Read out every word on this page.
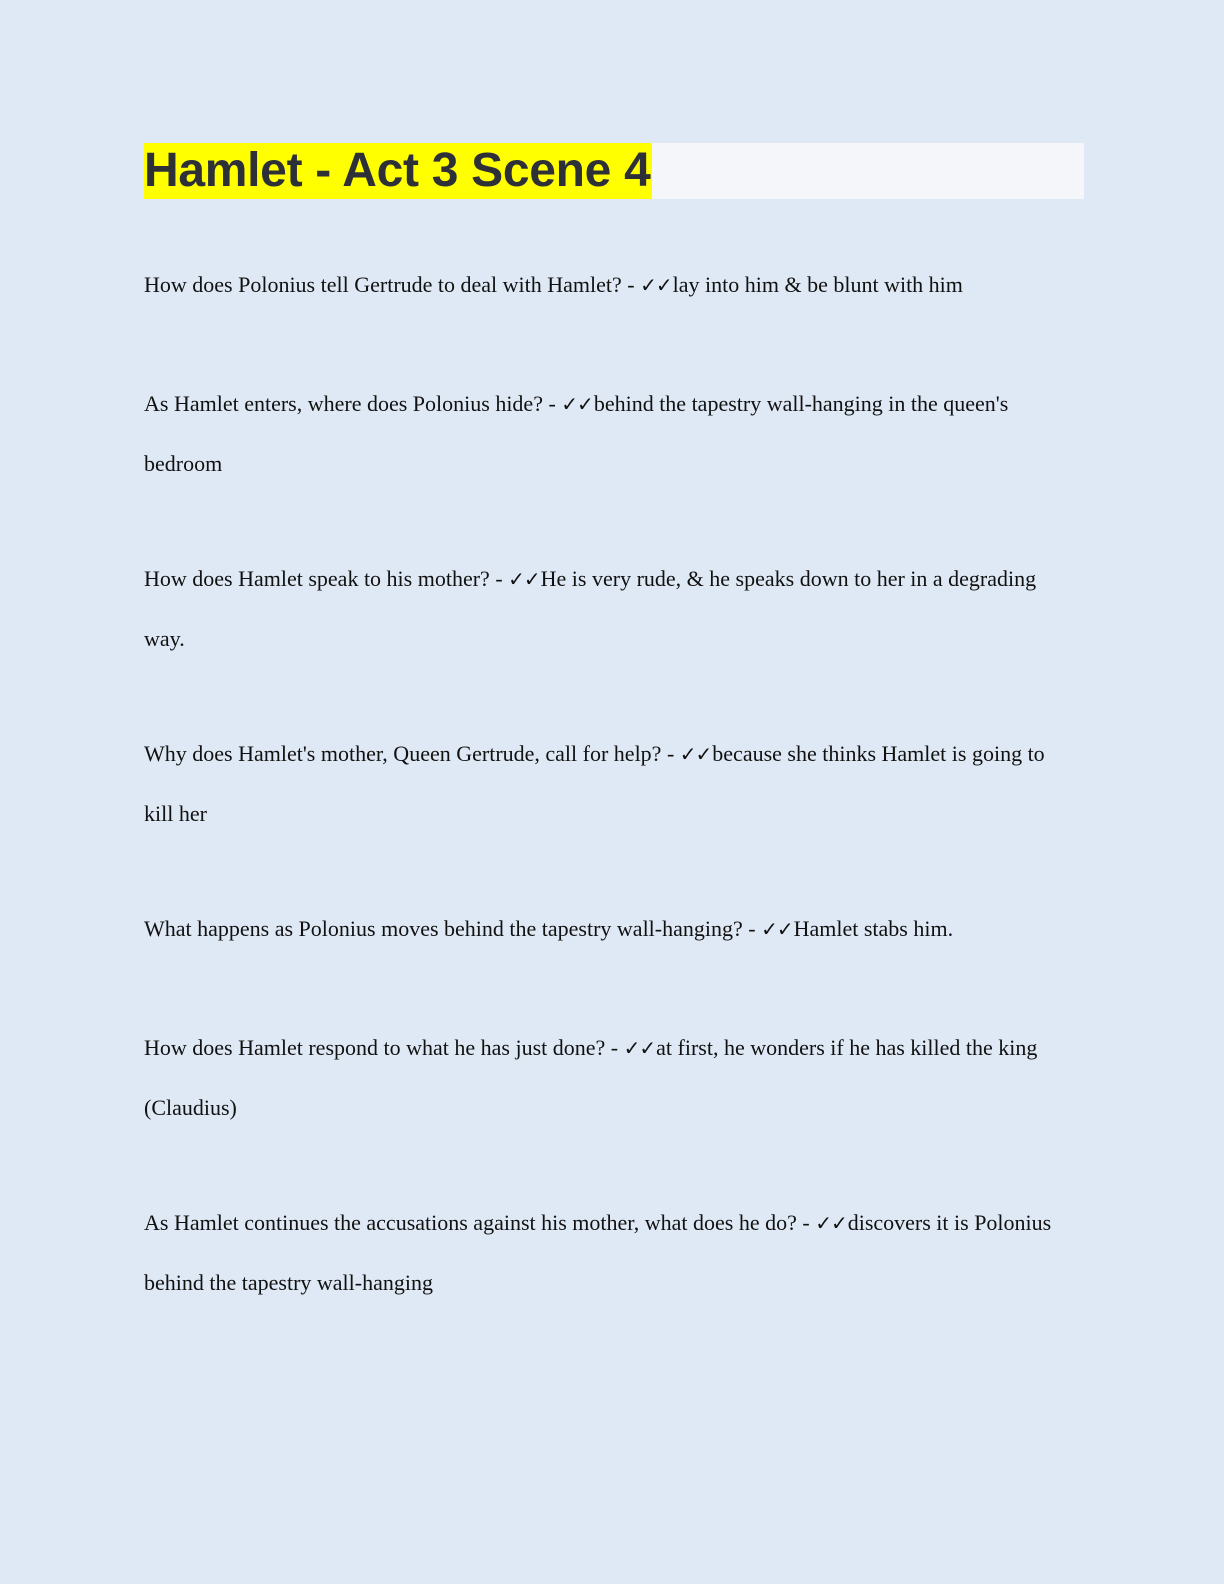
Hamlet - Act 3 Scene 4

How does Polonius tell Gertrude to deal with Hamlet? - ✓✓lay into him & be blunt with him

As Hamlet enters, where does Polonius hide? - ✓✓behind the tapestry wall-hanging in the queen's bedroom

How does Hamlet speak to his mother? - ✓✓He is very rude, & he speaks down to her in a degrading way.

Why does Hamlet's mother, Queen Gertrude, call for help? - ✓✓because she thinks Hamlet is going to kill her

What happens as Polonius moves behind the tapestry wall-hanging? - ✓✓Hamlet stabs him.

How does Hamlet respond to what he has just done? - ✓✓at first, he wonders if he has killed the king (Claudius)

As Hamlet continues the accusations against his mother, what does he do? - ✓✓discovers it is Polonius behind the tapestry wall-hanging
